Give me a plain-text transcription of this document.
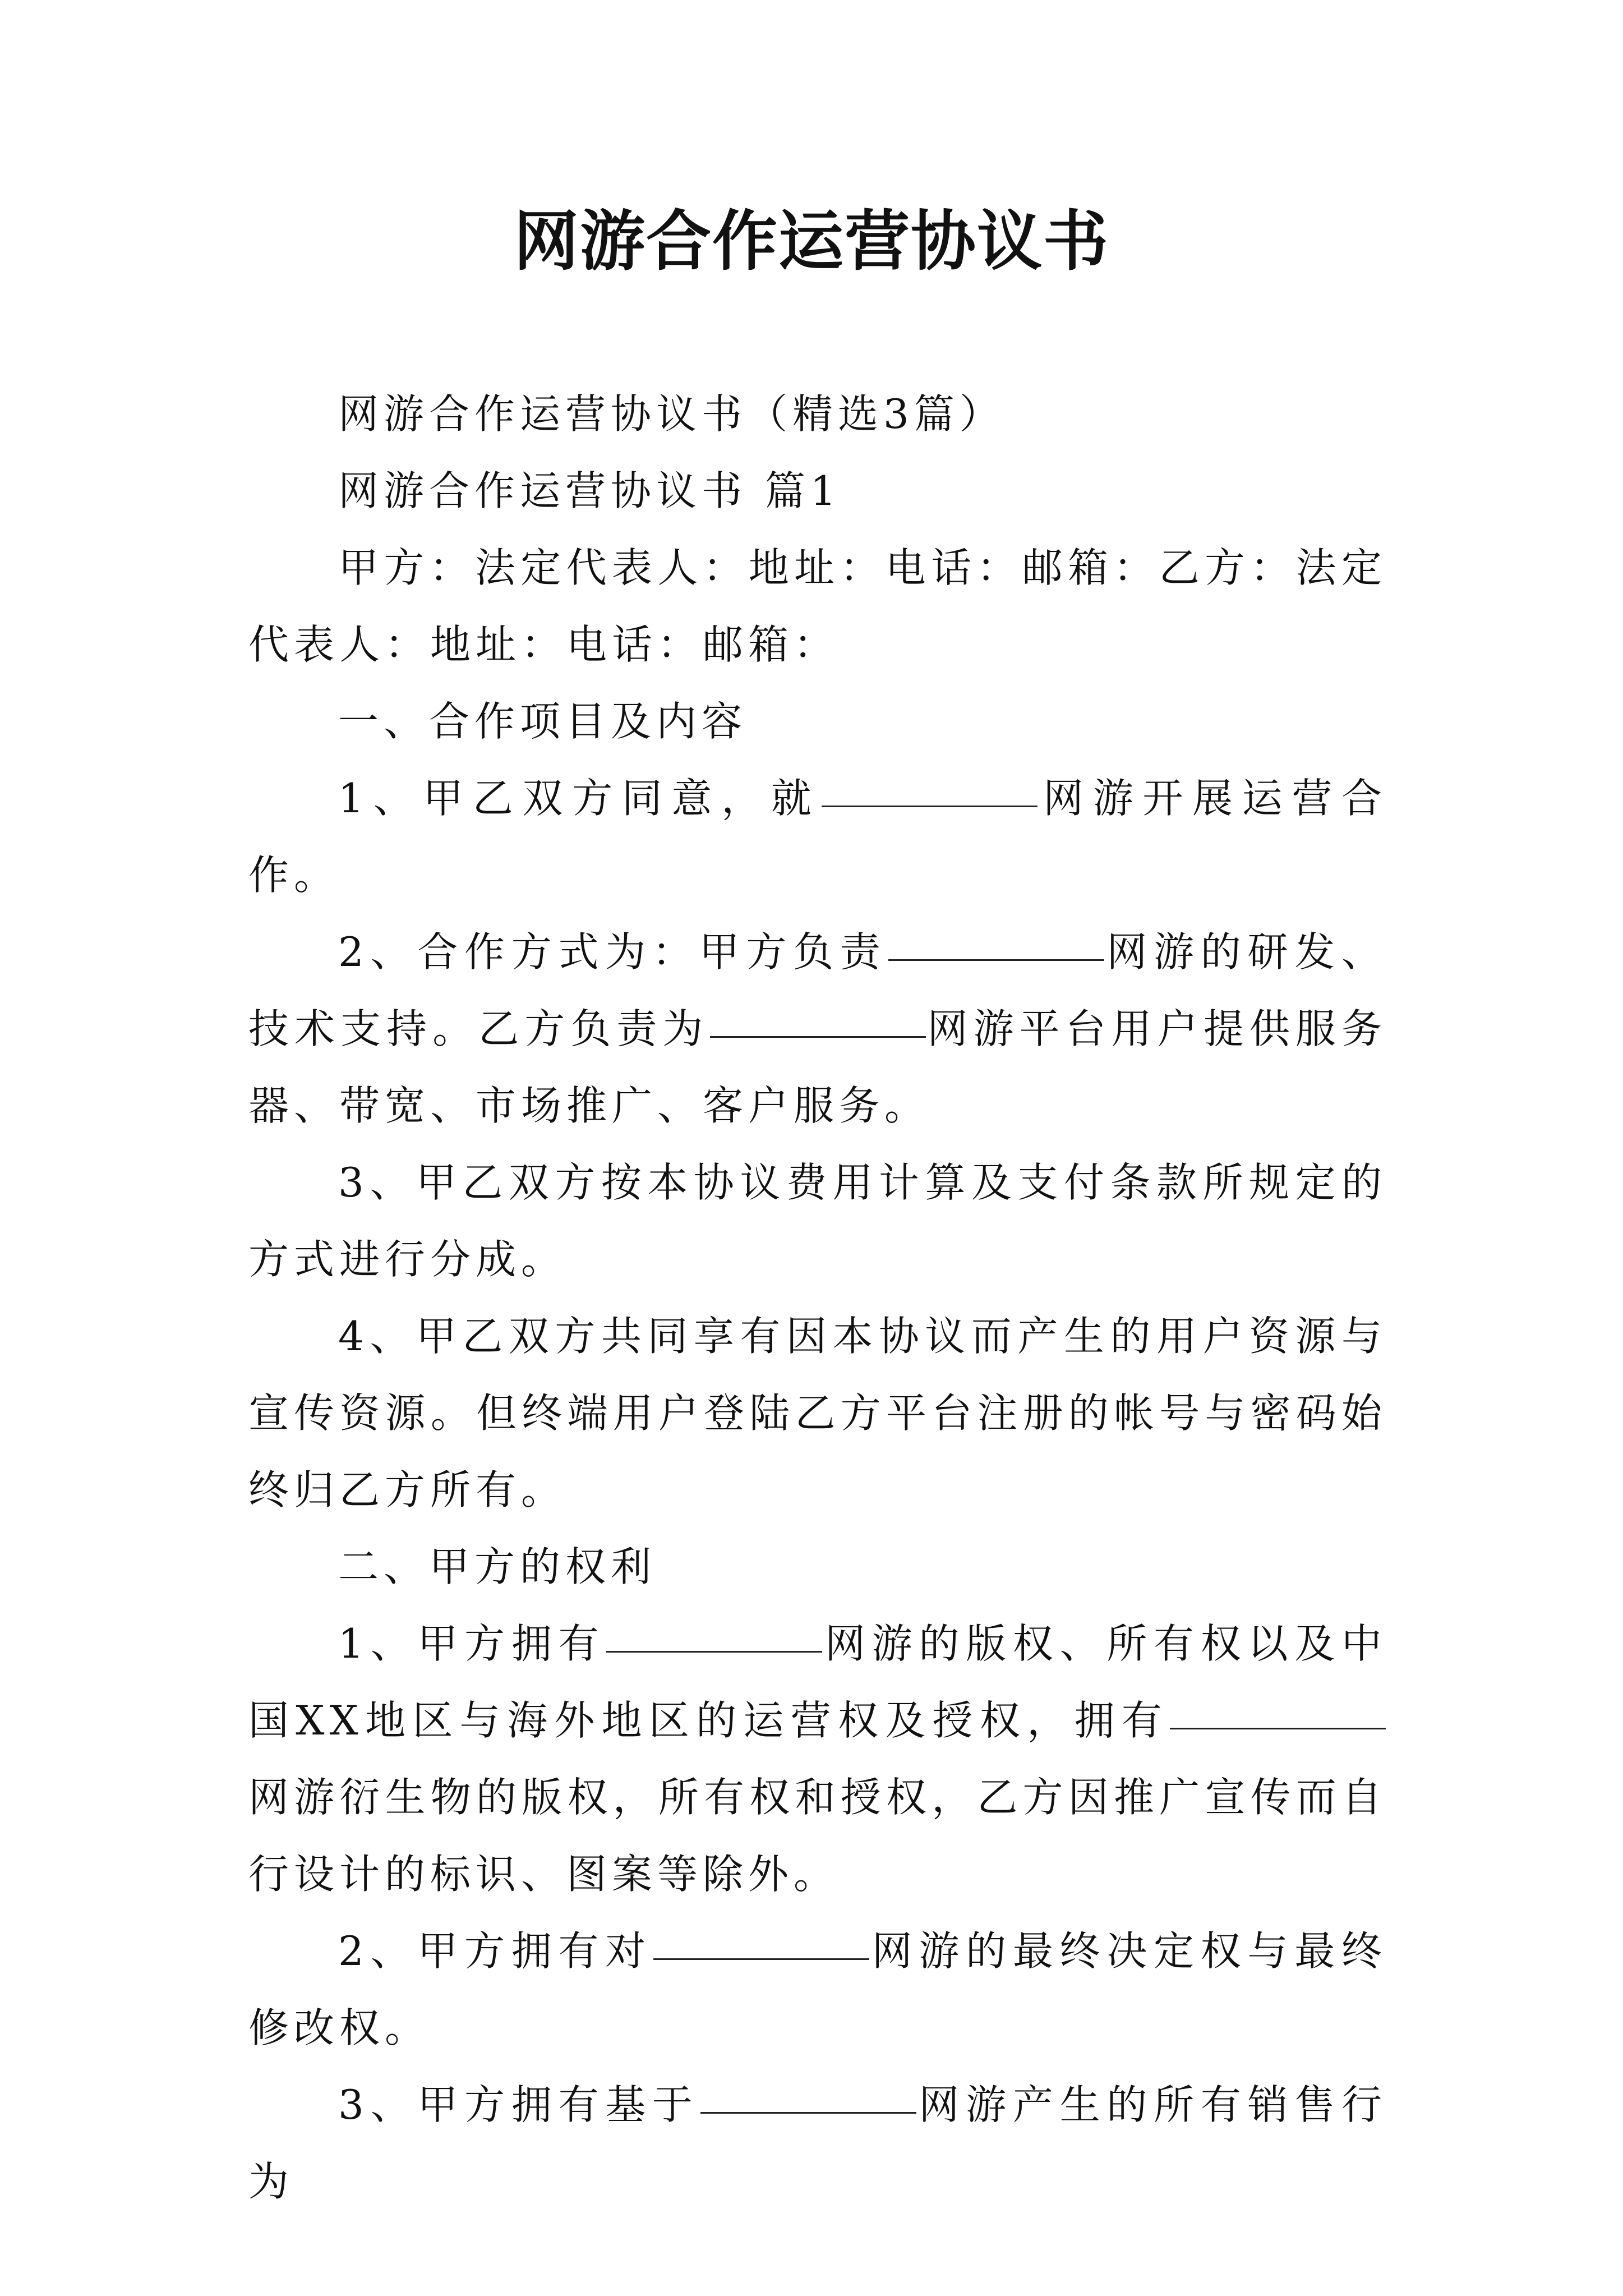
网游合作运营协议书

网游合作运营协议书（精选3篇）

网游合作运营协议书 篇1

甲方：法定代表人：地址：电话：邮箱：乙方：法定代表人：地址：电话：邮箱：

一、合作项目及内容

1、甲乙双方同意，就	网游开展运营合作。

2、合作方式为：甲方负责	网游的研发、技术支持。乙方负责为	网游平台用户提供服务器、带宽、市场推广、客户服务。

3、甲乙双方按本协议费用计算及支付条款所规定的方式进行分成。

4、甲乙双方共同享有因本协议而产生的用户资源与宣传资源。但终端用户登陆乙方平台注册的帐号与密码始终归乙方所有。

二、甲方的权利

1、甲方拥有	网游的版权、所有权以及中国XX地区与海外地区的运营权及授权，拥有网游衍生物的版权，所有权和授权，乙方因推广宣传而自行设计的标识、图案等除外。

2、甲方拥有对	网游的最终决定权与最终修改权。

3、甲方拥有基于	网游产生的所有销售行为
